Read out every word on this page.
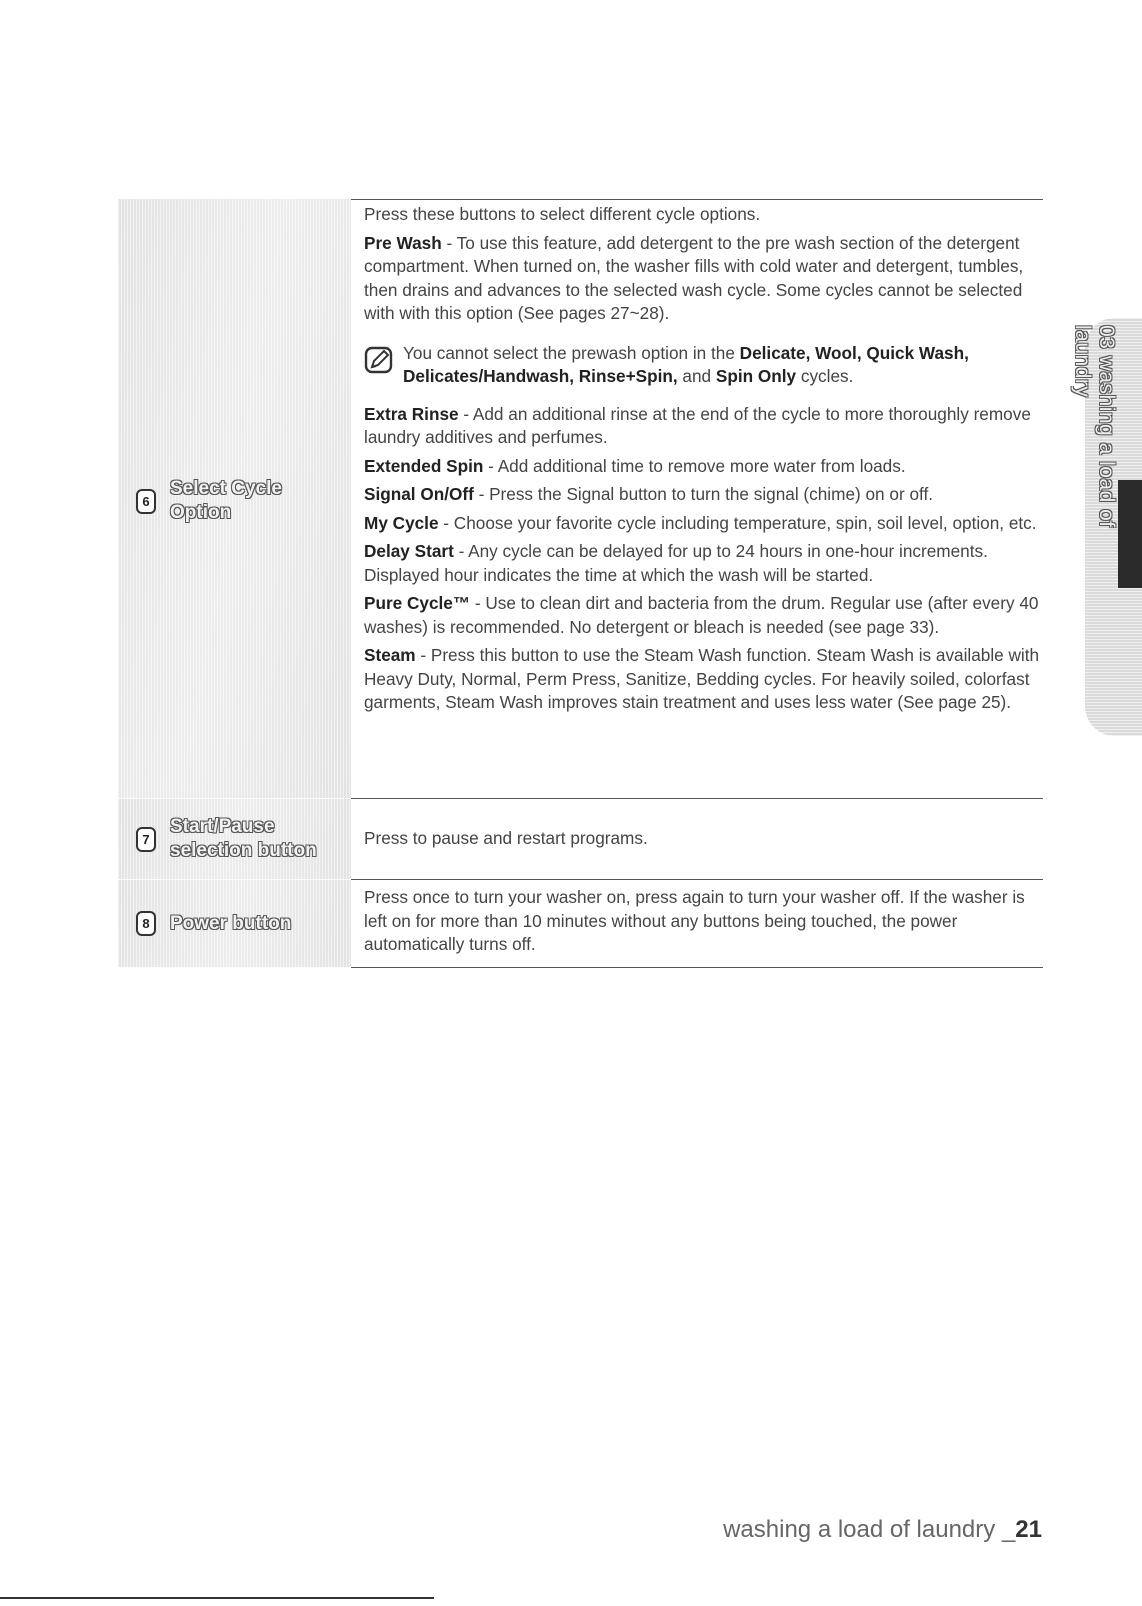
03 washing a load of laundry
6
Select Cycle
Option

Press these buttons to select different cycle options.

Pre Wash - To use this feature, add detergent to the pre wash section of the detergent compartment. When turned on, the washer fills with cold water and detergent, tumbles, then drains and advances to the selected wash cycle. Some cycles cannot be selected with with this option (See pages 27~28).

You cannot select the prewash option in the Delicate, Wool, Quick Wash, Delicates/Handwash, Rinse+Spin, and Spin Only cycles.

Extra Rinse - Add an additional rinse at the end of the cycle to more thoroughly remove laundry additives and perfumes.

Extended Spin - Add additional time to remove more water from loads.

Signal On/Off - Press the Signal button to turn the signal (chime) on or off.

My Cycle - Choose your favorite cycle including temperature, spin, soil level, option, etc.

Delay Start - Any cycle can be delayed for up to 24 hours in one-hour increments. Displayed hour indicates the time at which the wash will be started.

Pure Cycle™ - Use to clean dirt and bacteria from the drum. Regular use (after every 40 washes) is recommended. No detergent or bleach is needed (see page 33).

Steam - Press this button to use the Steam Wash function. Steam Wash is available with Heavy Duty, Normal, Perm Press, Sanitize, Bedding cycles. For heavily soiled, colorfast garments, Steam Wash improves stain treatment and uses less water (See page 25).

7
Start/Pause
selection button

Press to pause and restart programs.

8	Power button

Press once to turn your washer on, press again to turn your washer off. If the washer is left on for more than 10 minutes without any buttons being touched, the power automatically turns off.

washing a load of laundry _21
